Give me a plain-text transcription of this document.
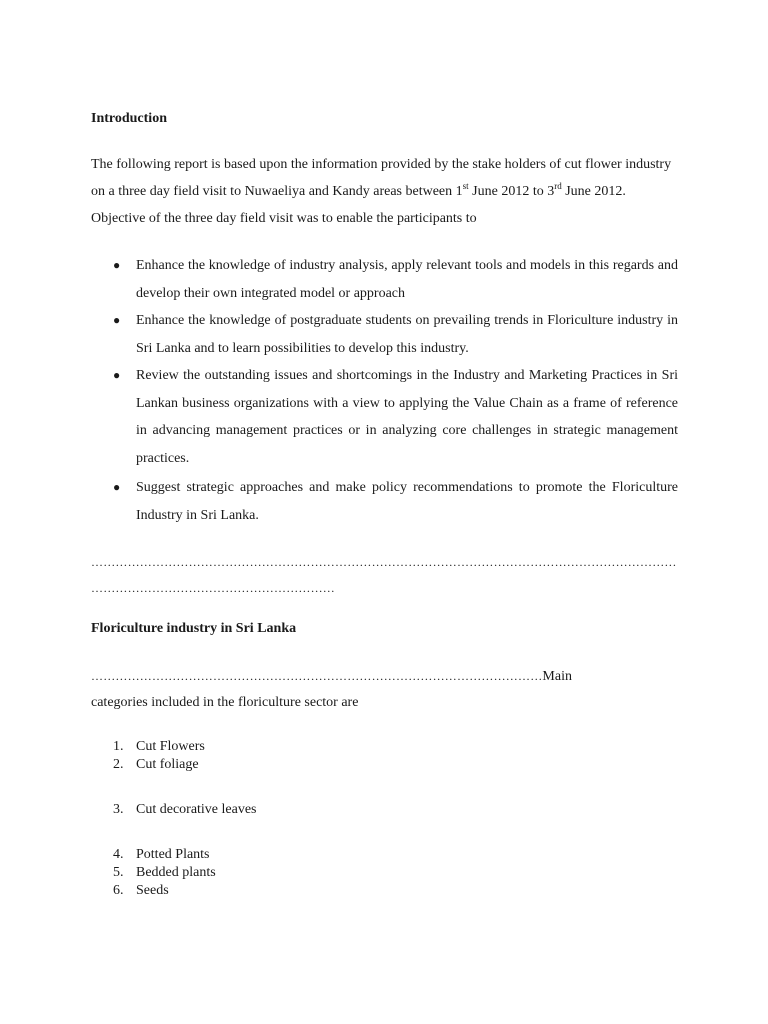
Introduction

The following report is based upon the information provided by the stake holders of cut flower industry on a three day field visit to Nuwaeliya and Kandy areas between 1st June 2012 to 3rd June 2012. Objective of the three day field visit was to enable the participants to

● Enhance the knowledge of industry analysis, apply relevant tools and models in this regards and develop their own integrated model or approach
● Enhance the knowledge of postgraduate students on prevailing trends in Floriculture industry in Sri Lanka and to learn possibilities to develop this industry.
● Review the outstanding issues and shortcomings in the Industry and Marketing Practices in Sri Lankan business organizations with a view to applying the Value Chain as a frame of reference in advancing management practices or in analyzing core challenges in strategic management practices.
● Suggest strategic approaches and make policy recommendations to promote the Floriculture Industry in Sri Lanka.

………………………………………………………………………………………………………………………………

……………………………………………………

Floriculture industry in Sri Lanka

…………………………………………………………………………………………………Main

categories included in the floriculture sector are

1. Cut Flowers
2. Cut foliage
3. Cut decorative leaves
4. Potted Plants
5. Bedded plants
6. Seeds
